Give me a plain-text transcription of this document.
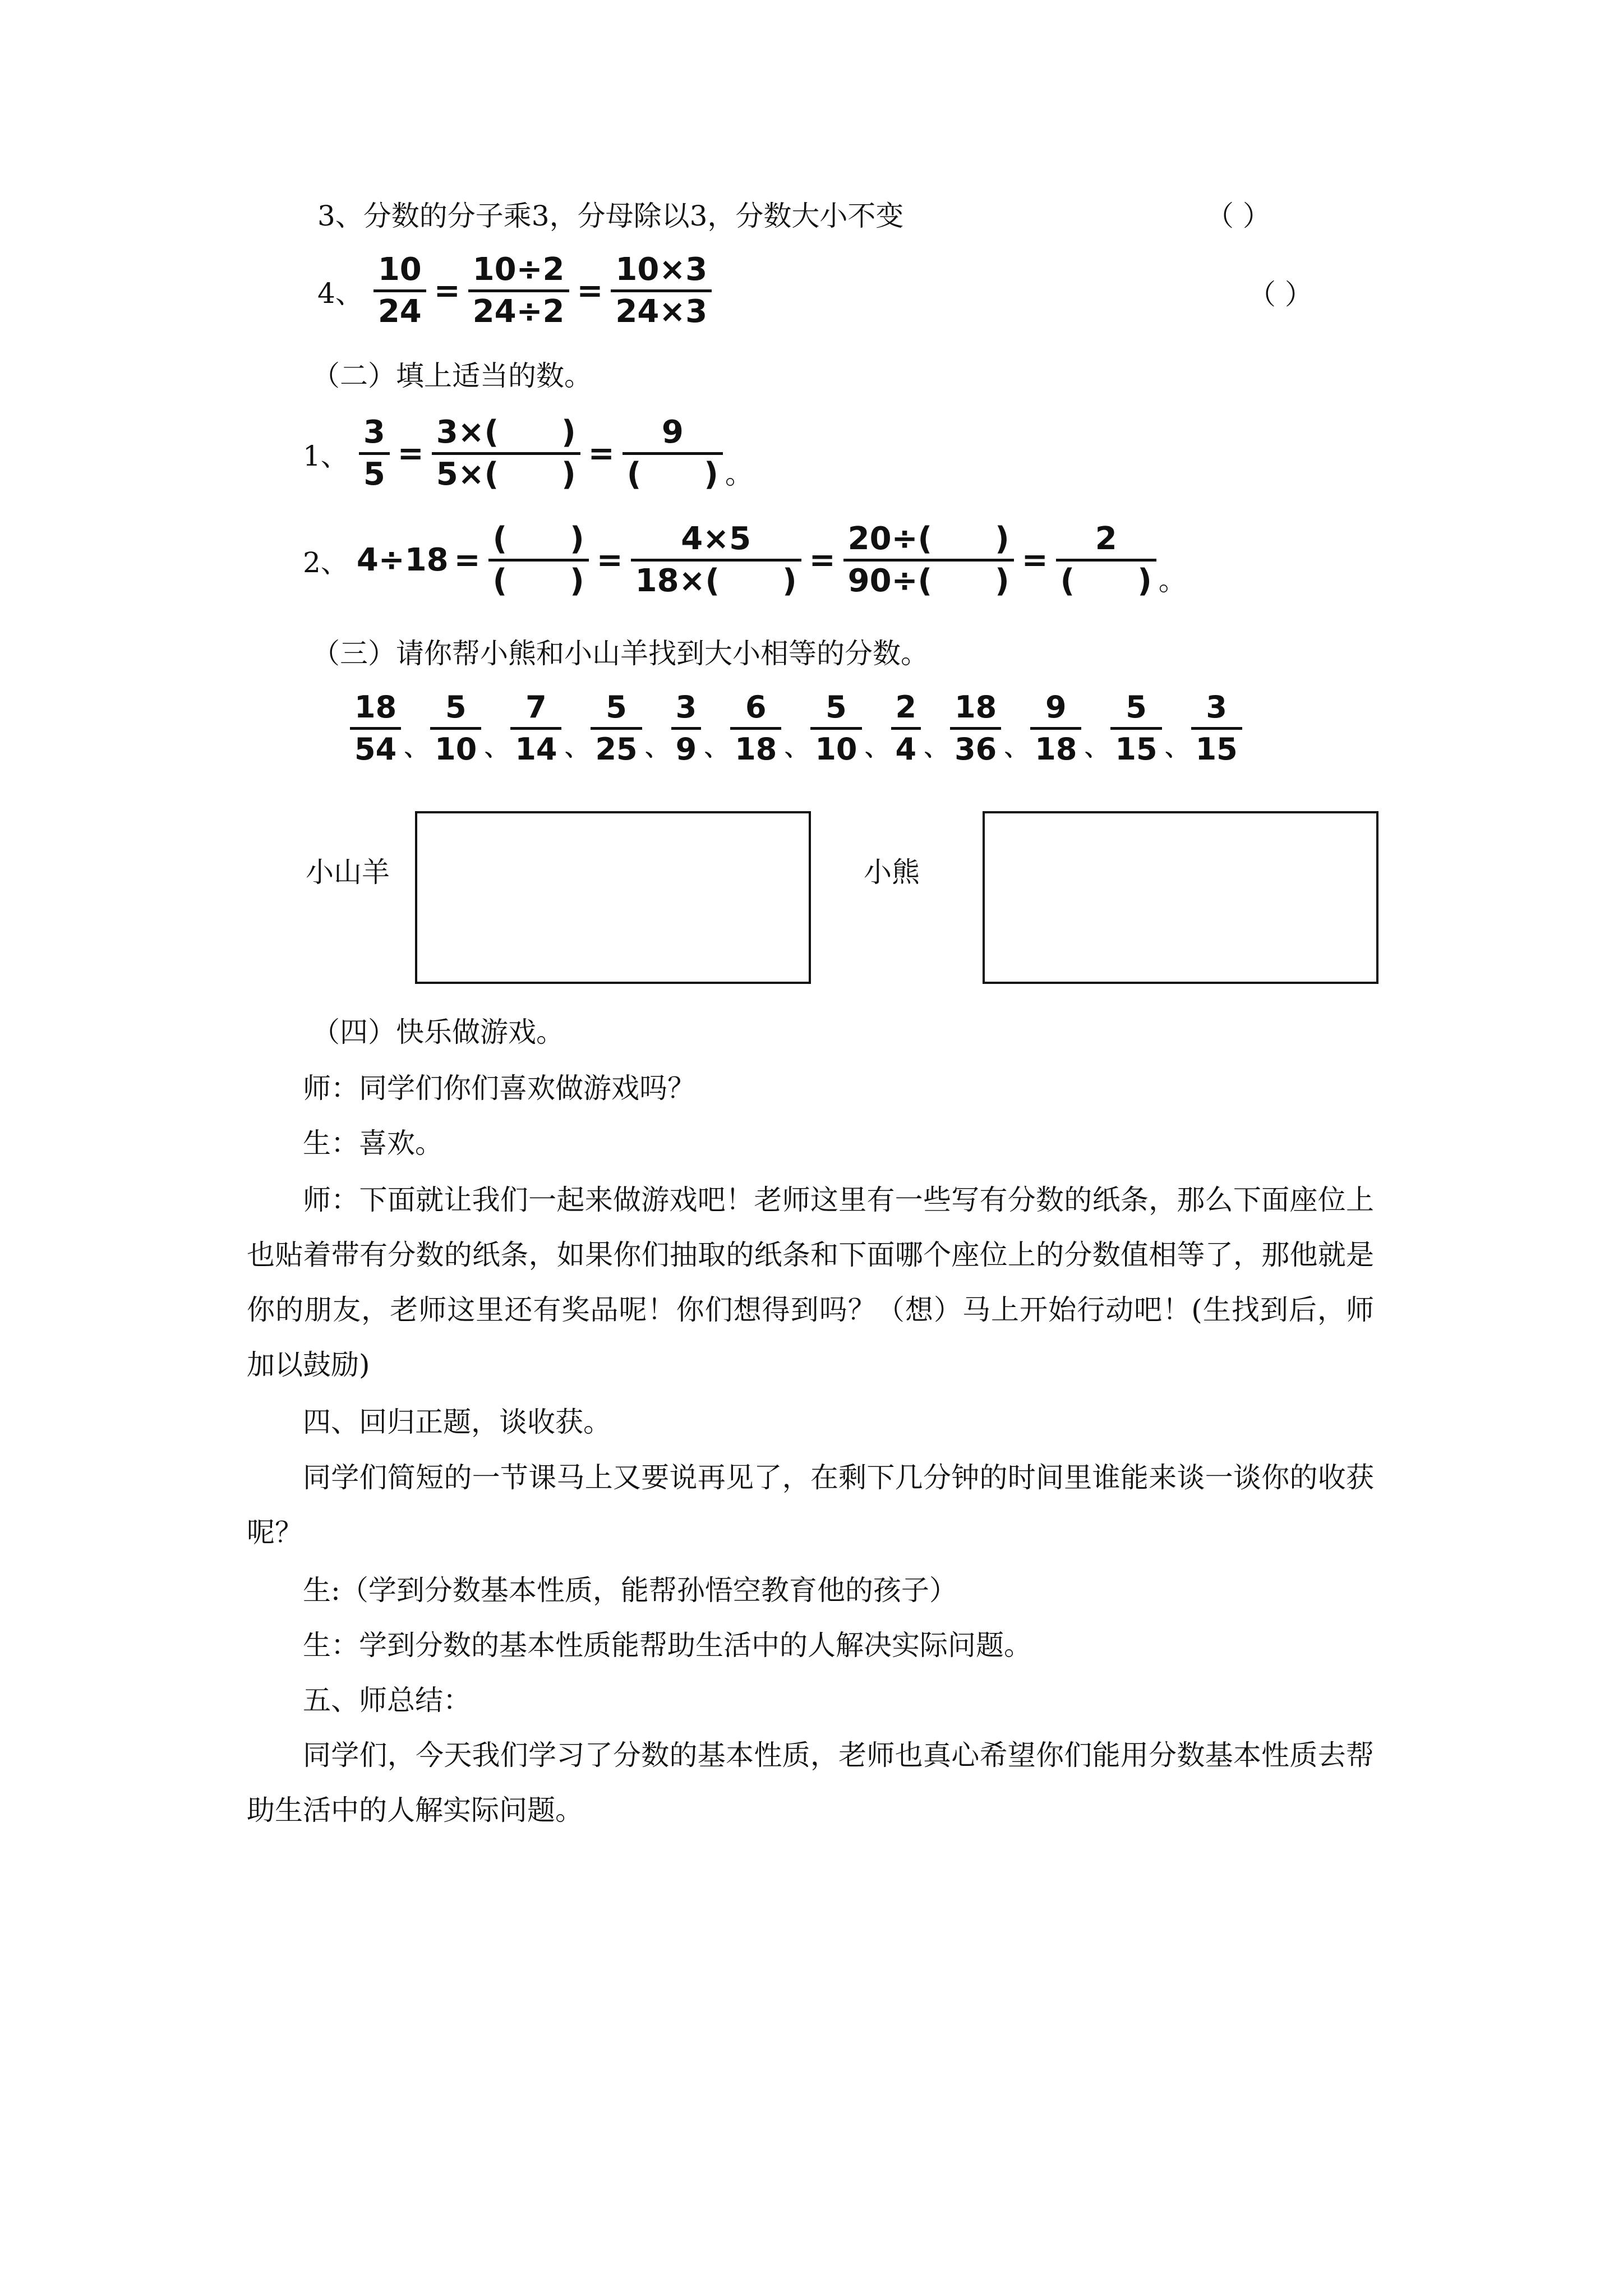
3、分数的分子乘3，分母除以3，分数大小不变	（ ）
4、
10
24
=
10÷2
24÷2
=
10×3
24×3	（ ）
（二）填上适当的数。
1、
3
5
=
3×(　　)
5×(　　)
=
9
(　　) 。
2、 4÷18 =
(　　)
(　　)
=
4×5
18×(　　)
=
20÷(　　)
90÷(　　)
=
2
(　　) 。
（三）请你帮小熊和小山羊找到大小相等的分数。
18
54 、
5
10 、
7
14 、
5
25 、
3
9 、
6
18 、
5
10 、
2
4 、
18
36 、
9
18 、
5
15 、
3
15
小山羊	小熊
（四）快乐做游戏。
师：同学们你们喜欢做游戏吗？
生：喜欢。
师：下面就让我们一起来做游戏吧！老师这里有一些写有分数的纸条，那么下面座位上也贴着带有分数的纸条，如果你们抽取的纸条和下面哪个座位上的分数值相等了，那他就是你的朋友，老师这里还有奖品呢！你们想得到吗？（想）马上开始行动吧！(生找到后，师加以鼓励)
四、回归正题，谈收获。
同学们简短的一节课马上又要说再见了，在剩下几分钟的时间里谁能来谈一谈你的收获呢？
生:（学到分数基本性质，能帮孙悟空教育他的孩子）
生：学到分数的基本性质能帮助生活中的人解决实际问题。
五、师总结：
同学们，今天我们学习了分数的基本性质，老师也真心希望你们能用分数基本性质去帮助生活中的人解实际问题。
